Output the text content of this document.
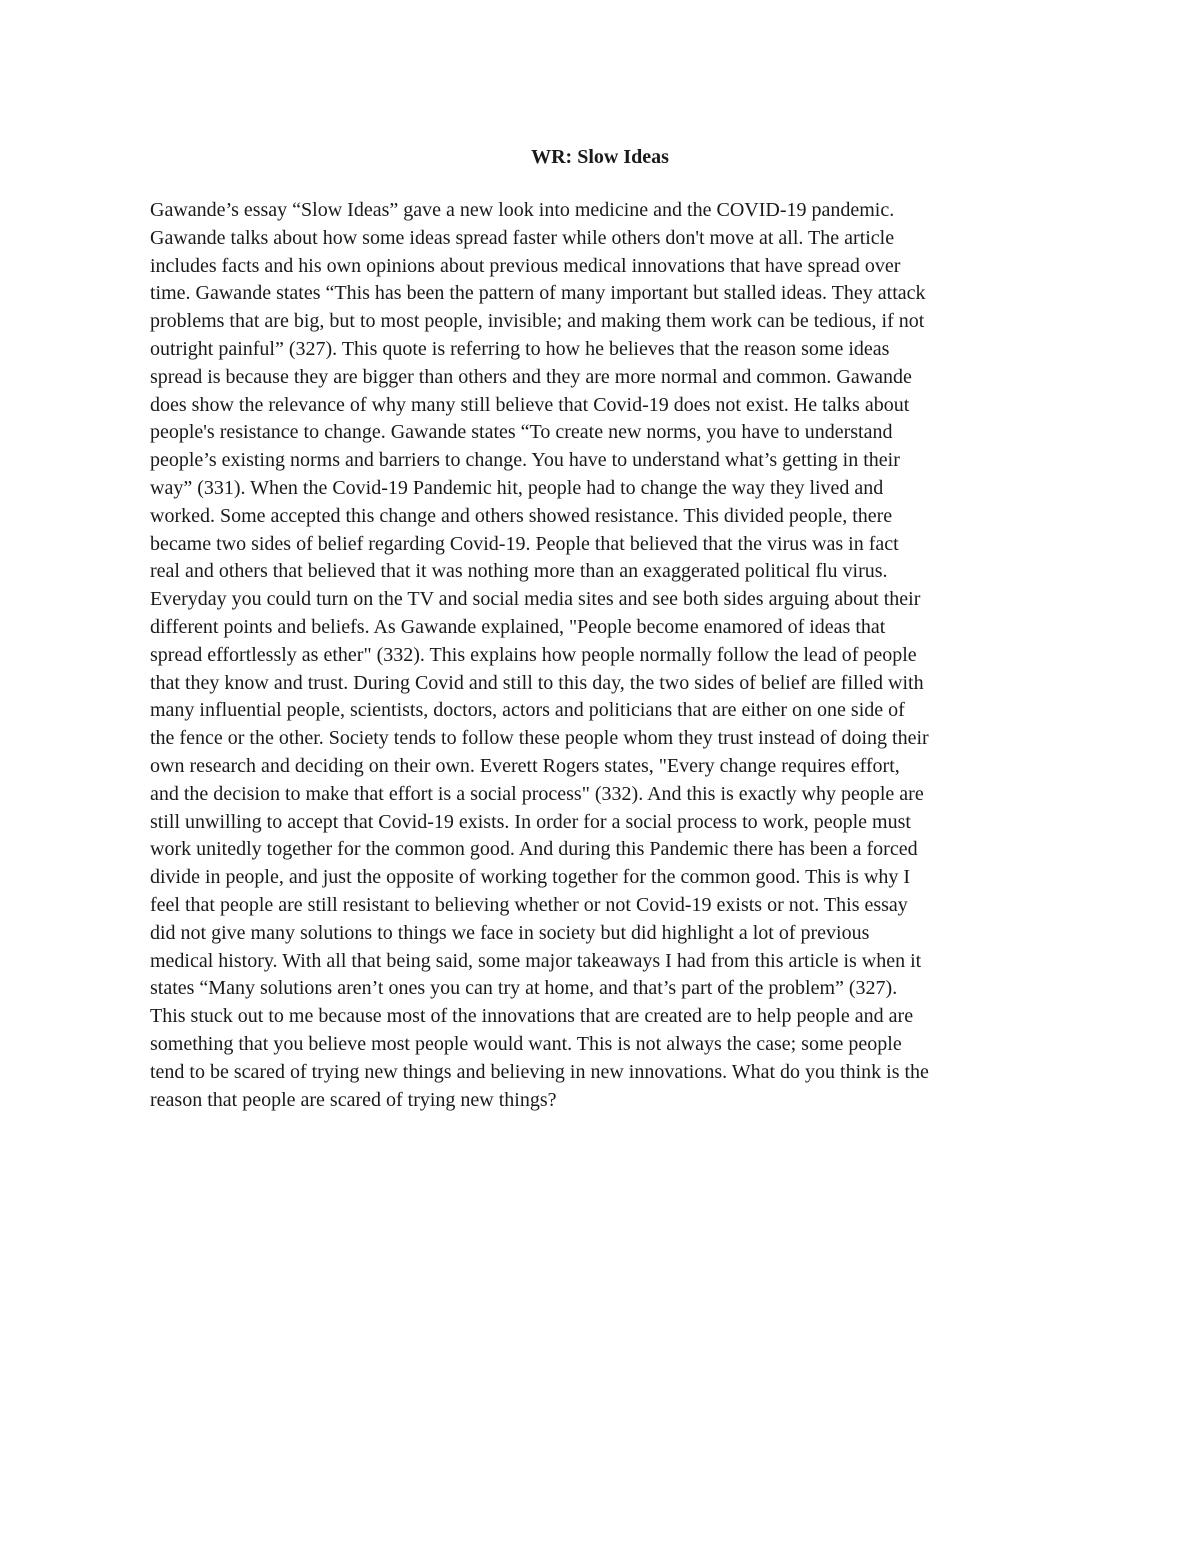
WR: Slow Ideas
Gawande’s essay “Slow Ideas” gave a new look into medicine and the COVID-19 pandemic.
Gawande talks about how some ideas spread faster while others don't move at all. The article
includes facts and his own opinions about previous medical innovations that have spread over
time. Gawande states “This has been the pattern of many important but stalled ideas. They attack
problems that are big, but to most people, invisible; and making them work can be tedious, if not
outright painful” (327). This quote is referring to how he believes that the reason some ideas
spread is because they are bigger than others and they are more normal and common. Gawande
does show the relevance of why many still believe that Covid-19 does not exist. He talks about
people's resistance to change. Gawande states “To create new norms, you have to understand
people’s existing norms and barriers to change. You have to understand what’s getting in their
way” (331). When the Covid-19 Pandemic hit, people had to change the way they lived and
worked. Some accepted this change and others showed resistance. This divided people, there
became two sides of belief regarding Covid-19. People that believed that the virus was in fact
real and others that believed that it was nothing more than an exaggerated political flu virus.
Everyday you could turn on the TV and social media sites and see both sides arguing about their
different points and beliefs. As Gawande explained, "People become enamored of ideas that
spread effortlessly as ether" (332). This explains how people normally follow the lead of people
that they know and trust. During Covid and still to this day, the two sides of belief are filled with
many influential people, scientists, doctors, actors and politicians that are either on one side of
the fence or the other. Society tends to follow these people whom they trust instead of doing their
own research and deciding on their own. Everett Rogers states, "Every change requires effort,
and the decision to make that effort is a social process" (332). And this is exactly why people are
still unwilling to accept that Covid-19 exists. In order for a social process to work, people must
work unitedly together for the common good. And during this Pandemic there has been a forced
divide in people, and just the opposite of working together for the common good. This is why I
feel that people are still resistant to believing whether or not Covid-19 exists or not. This essay
did not give many solutions to things we face in society but did highlight a lot of previous
medical history. With all that being said, some major takeaways I had from this article is when it
states “Many solutions aren’t ones you can try at home, and that’s part of the problem” (327).
This stuck out to me because most of the innovations that are created are to help people and are
something that you believe most people would want. This is not always the case; some people
tend to be scared of trying new things and believing in new innovations. What do you think is the
reason that people are scared of trying new things?
